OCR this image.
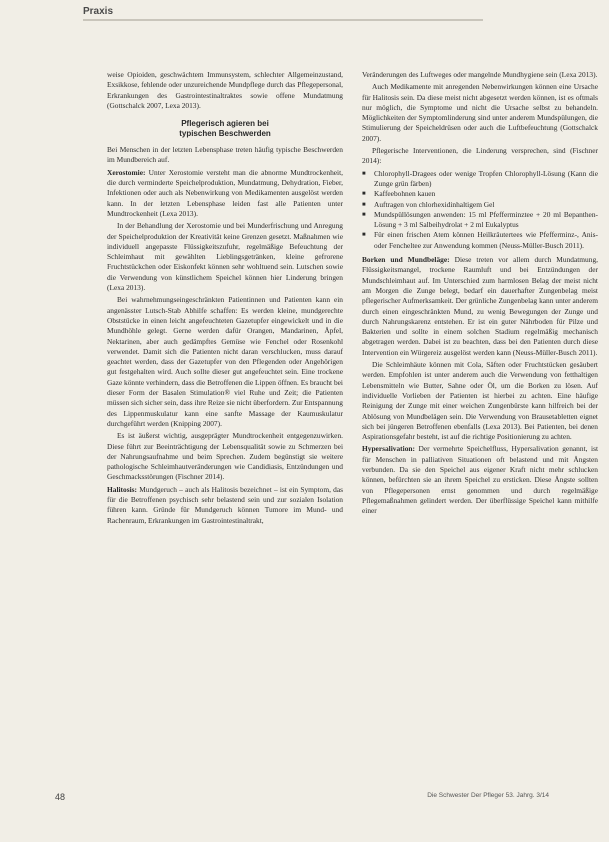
Praxis

weise Opioiden, geschwächtem Immunsystem, schlechter Allgemeinzustand, Exsikkose, fehlende oder unzureichende Mundpflege durch das Pflegepersonal, Erkrankungen des Gastrointestinaltraktes sowie offene Mundatmung (Gottschalck 2007, Lexa 2013).

Pflegerisch agieren bei
typischen Beschwerden

Bei Menschen in der letzten Lebensphase treten häufig typische Beschwerden im Mundbereich auf.

Xerostomie: Unter Xerostomie versteht man die abnorme Mundtrockenheit, die durch verminderte Speichelproduktion, Mundatmung, Dehydration, Fieber, Infektionen oder auch als Nebenwirkung von Medikamenten ausgelöst werden kann. In der letzten Lebensphase leiden fast alle Patienten unter Mundtrockenheit (Lexa 2013).

In der Behandlung der Xerostomie und bei Munderfrischung und Anregung der Speichelproduktion der Kreativität keine Grenzen gesetzt. Maßnahmen wie individuell angepasste Flüssigkeitszufuhr, regelmäßige Befeuchtung der Schleimhaut mit gewählten Lieblingsgetränken, kleine gefrorene Fruchtstückchen oder Eiskonfekt können sehr wohltuend sein. Lutschen sowie die Verwendung von künstlichem Speichel können hier Linderung bringen (Lexa 2013).

Bei wahrnehmungseingeschränkten Patientinnen und Patienten kann ein angenässter Lutsch-Stab Abhilfe schaffen: Es werden kleine, mundgerechte Obststücke in einen leicht angefeuchteten Gazetupfer eingewickelt und in die Mundhöhle gelegt. Gerne werden dafür Orangen, Mandarinen, Äpfel, Nektarinen, aber auch gedämpftes Gemüse wie Fenchel oder Rosenkohl verwendet. Damit sich die Patienten nicht daran verschlucken, muss darauf geachtet werden, dass der Gazetupfer von den Pflegenden oder Angehörigen gut festgehalten wird. Auch sollte dieser gut angefeuchtet sein. Eine trockene Gaze könnte verhindern, dass die Betroffenen die Lippen öffnen. Es braucht bei dieser Form der Basalen Stimulation® viel Ruhe und Zeit; die Patienten müssen sich sicher sein, dass ihre Reize sie nicht überfordern. Zur Entspannung des Lippenmuskulatur kann eine sanfte Massage der Kaumuskulatur durchgeführt werden (Knipping 2007).

Es ist äußerst wichtig, ausgeprägter Mundtrockenheit entgegenzuwirken. Diese führt zur Beeinträchtigung der Lebensqualität sowie zu Schmerzen bei der Nahrungsaufnahme und beim Sprechen. Zudem begünstigt sie weitere pathologische Schleimhautveränderungen wie Candidiasis, Entzündungen und Geschmacksstörungen (Fischner 2014).

Halitosis: Mundgeruch – auch als Halitosis bezeichnet – ist ein Symptom, das für die Betroffenen psychisch sehr belastend sein und zur sozialen Isolation führen kann. Gründe für Mundgeruch können Tumore im Mund- und Rachenraum, Erkrankungen im Gastrointestinaltrakt,

Veränderungen des Luftweges oder mangelnde Mundhygiene sein (Lexa 2013).

Auch Medikamente mit anregenden Nebenwirkungen können eine Ursache für Halitosis sein. Da diese meist nicht abgesetzt werden können, ist es oftmals nur möglich, die Symptome und nicht die Ursache selbst zu behandeln. Möglichkeiten der Symptomlinderung sind unter anderem Mundspülungen, die Stimulierung der Speicheldrüsen oder auch die Luftbefeuchtung (Gottschalck 2007).

Pflegerische Interventionen, die Linderung versprechen, sind (Fischner 2014):

■ Chlorophyll-Dragees oder wenige Tropfen Chlorophyll-Lösung (Kann die Zunge grün färben)
■ Kaffeebohnen kauen
■ Auftragen von chlorhexidinhaltigem Gel
■ Mundspüllösungen anwenden: 15 ml Pfefferminztee + 20 ml Bepanthen-Lösung + 3 ml Salbeihydrolat + 2 ml Eukalyptus
■ Für einen frischen Atem können Heilkräutertees wie Pfefferminz-, Anis- oder Fencheltee zur Anwendung kommen (Neuss-Müller-Busch 2011).

Borken und Mundbeläge: Diese treten vor allem durch Mundatmung, Flüssigkeitsmangel, trockene Raumluft und bei Entzündungen der Mundschleimhaut auf. Im Unterschied zum harmlosen Belag der meist nicht am Morgen die Zunge belegt, bedarf ein dauerhafter Zungenbelag meist pflegerischer Aufmerksamkeit. Der grünliche Zungenbelag kann unter anderem durch einen eingeschränkten Mund, zu wenig Bewegungen der Zunge und durch Nahrungskarenz entstehen. Er ist ein guter Nährboden für Pilze und Bakterien und sollte in einem solchen Stadium regelmäßig mechanisch abgetragen werden. Dabei ist zu beachten, dass bei den Patienten durch diese Intervention ein Würgereiz ausgelöst werden kann (Neuss-Müller-Busch 2011).

Die Schleimhäute können mit Cola, Säften oder Fruchtstücken gesäubert werden. Empfohlen ist unter anderem auch die Verwendung von fetthaltigen Lebensmitteln wie Butter, Sahne oder Öl, um die Borken zu lösen. Auf individuelle Vorlieben der Patienten ist hierbei zu achten. Eine häufige Reinigung der Zunge mit einer weichen Zungenbürste kann hilfreich bei der Ablösung von Mundbelägen sein. Die Verwendung von Brausetabletten eignet sich bei jüngeren Betroffenen ebenfalls (Lexa 2013). Bei Patienten, bei denen Aspirationsgefahr besteht, ist auf die richtige Positionierung zu achten.

Hypersalivation: Der vermehrte Speichelfluss, Hypersalivation genannt, ist für Menschen in palliativen Situationen oft belastend und mit Ängsten verbunden. Da sie den Speichel aus eigener Kraft nicht mehr schlucken können, befürchten sie an ihrem Speichel zu ersticken. Diese Ängste sollten von Pflegepersonen ernst genommen und durch regelmäßige Pflegemaßnahmen gelindert werden. Der überflüssige Speichel kann mithilfe einer

48	Die Schwester Der Pfleger 53. Jahrg. 3/14
